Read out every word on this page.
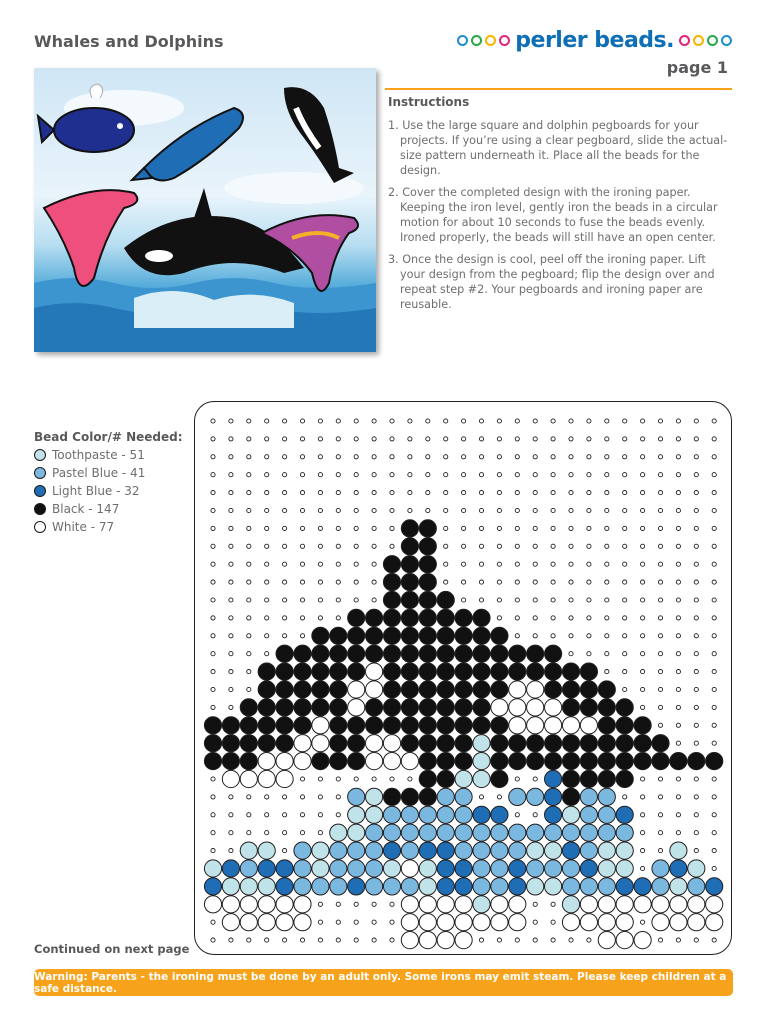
Whales and Dolphins	perler beads.
page 1
Instructions
1. Use the large square and dolphin pegboards for your projects. If you’re using a clear pegboard, slide the actual-size pattern underneath it. Place all the beads for the design.
2. Cover the completed design with the ironing paper. Keeping the iron level, gently iron the beads in a circular motion for about 10 seconds to fuse the beads evenly. Ironed properly, the beads will still have an open center.
3. Once the design is cool, peel off the ironing paper. Lift your design from the pegboard; flip the design over and repeat step #2. Your pegboards and ironing paper are reusable.
Bead Color/# Needed:
Toothpaste - 51
Pastel Blue - 41
Light Blue - 32
Black - 147
White - 77
Continued on next page
Warning: Parents - the ironing must be done by an adult only. Some irons may emit steam. Please keep children at a safe distance.
